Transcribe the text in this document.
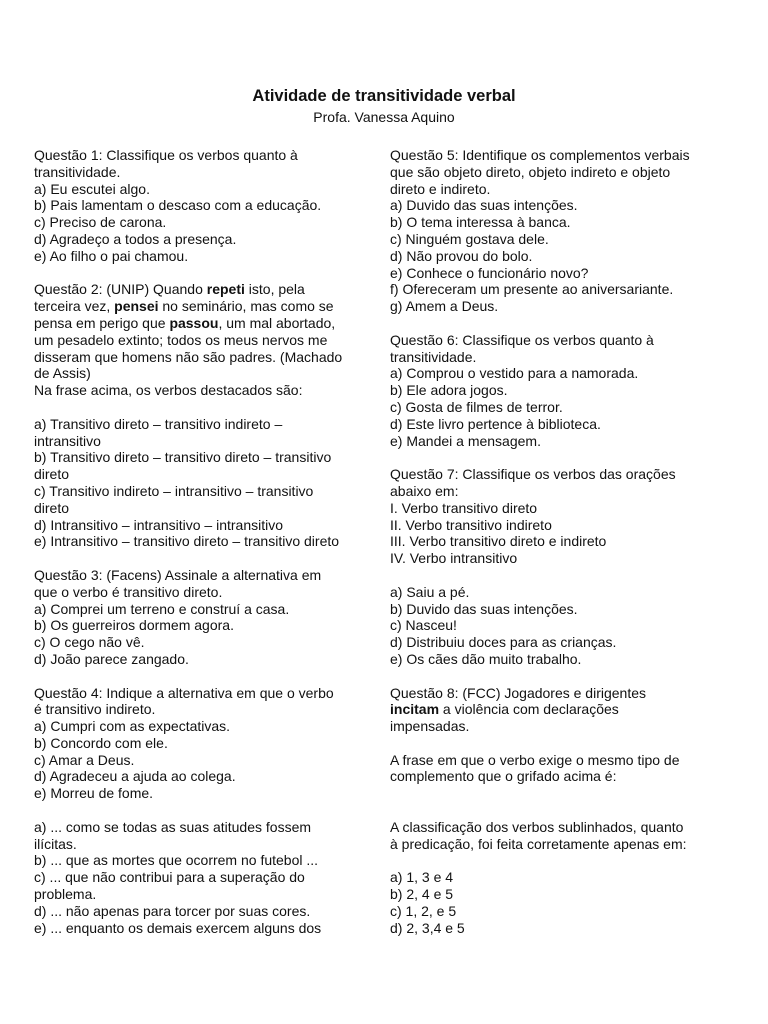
Atividade de transitividade verbal
Profa. Vanessa Aquino
Questão 1: Classifique os verbos quanto à
transitividade.
a) Eu escutei algo.
b) Pais lamentam o descaso com a educação.
c) Preciso de carona.
d) Agradeço a todos a presença.
e) Ao filho o pai chamou.
Questão 2: (UNIP) Quando repeti isto, pela
terceira vez, pensei no seminário, mas como se
pensa em perigo que passou, um mal abortado,
um pesadelo extinto; todos os meus nervos me
disseram que homens não são padres. (Machado
de Assis)
Na frase acima, os verbos destacados são:
a) Transitivo direto – transitivo indireto –
intransitivo
b) Transitivo direto – transitivo direto – transitivo
direto
c) Transitivo indireto – intransitivo – transitivo
direto
d) Intransitivo – intransitivo – intransitivo
e) Intransitivo – transitivo direto – transitivo direto
Questão 3: (Facens) Assinale a alternativa em
que o verbo é transitivo direto.
a) Comprei um terreno e construí a casa.
b) Os guerreiros dormem agora.
c) O cego não vê.
d) João parece zangado.
Questão 4: Indique a alternativa em que o verbo
é transitivo indireto.
a) Cumpri com as expectativas.
b) Concordo com ele.
c) Amar a Deus.
d) Agradeceu a ajuda ao colega.
e) Morreu de fome.
a) ... como se todas as suas atitudes fossem
ilícitas.
b) ... que as mortes que ocorrem no futebol ...
c) ... que não contribui para a superação do
problema.
d) ... não apenas para torcer por suas cores.
e) ... enquanto os demais exercem alguns dos
Questão 5: Identifique os complementos verbais
que são objeto direto, objeto indireto e objeto
direto e indireto.
a) Duvido das suas intenções.
b) O tema interessa à banca.
c) Ninguém gostava dele.
d) Não provou do bolo.
e) Conhece o funcionário novo?
f) Ofereceram um presente ao aniversariante.
g) Amem a Deus.
Questão 6: Classifique os verbos quanto à
transitividade.
a) Comprou o vestido para a namorada.
b) Ele adora jogos.
c) Gosta de filmes de terror.
d) Este livro pertence à biblioteca.
e) Mandei a mensagem.
Questão 7: Classifique os verbos das orações
abaixo em:
I. Verbo transitivo direto
II. Verbo transitivo indireto
III. Verbo transitivo direto e indireto
IV. Verbo intransitivo
a) Saiu a pé.
b) Duvido das suas intenções.
c) Nasceu!
d) Distribuiu doces para as crianças.
e) Os cães dão muito trabalho.
Questão 8: (FCC) Jogadores e dirigentes
incitam a violência com declarações
impensadas.
A frase em que o verbo exige o mesmo tipo de
complemento que o grifado acima é:
A classificação dos verbos sublinhados, quanto
à predicação, foi feita corretamente apenas em:
a) 1, 3 e 4
b) 2, 4 e 5
c) 1, 2, e 5
d) 2, 3,4 e 5
